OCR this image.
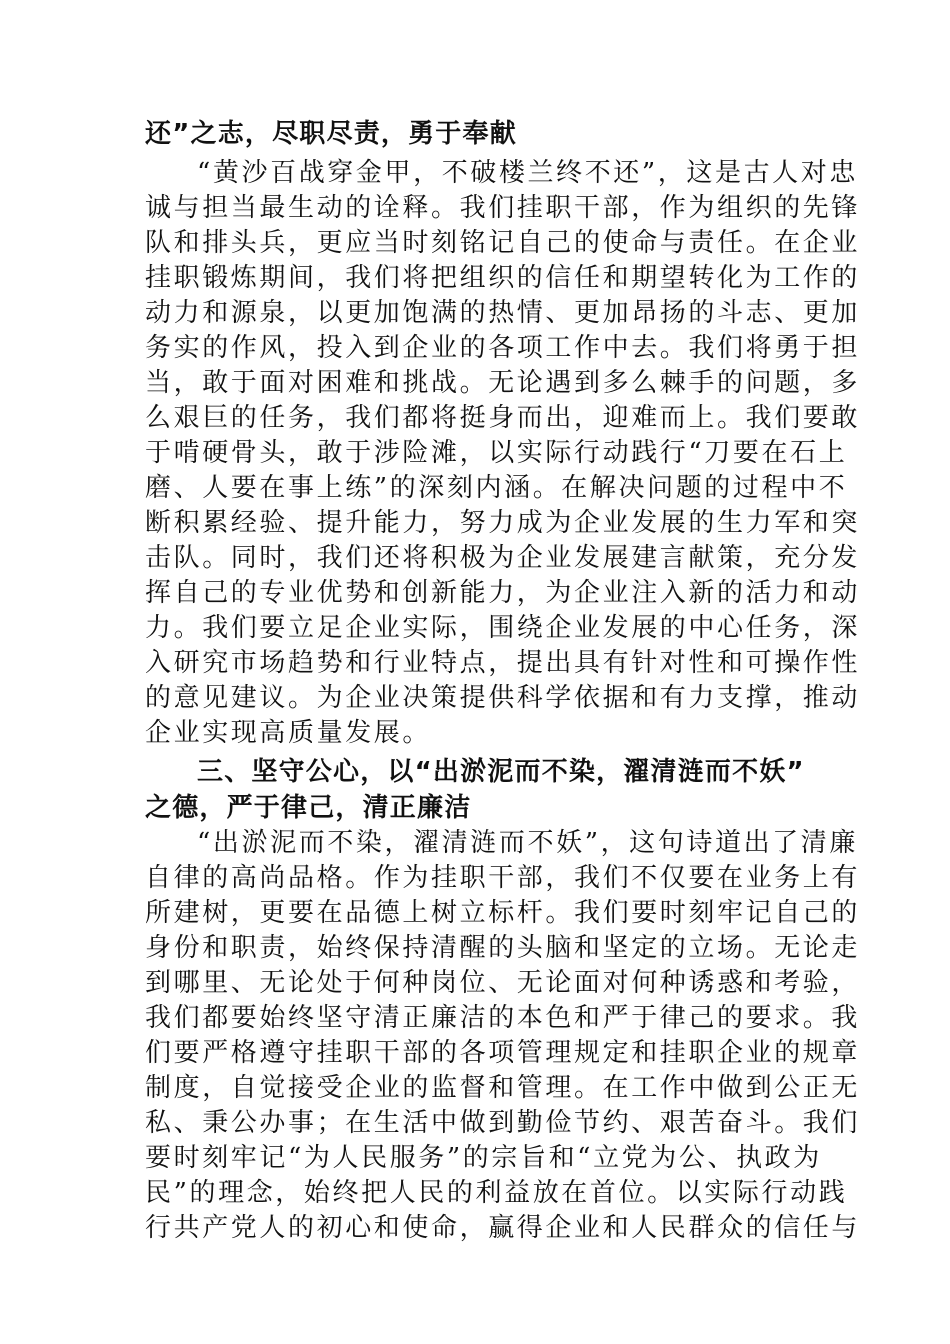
还”之志，尽职尽责，勇于奉献
“黄沙百战穿金甲，不破楼兰终不还”，这是古人对忠
诚与担当最生动的诠释。我们挂职干部，作为组织的先锋
队和排头兵，更应当时刻铭记自己的使命与责任。在企业
挂职锻炼期间，我们将把组织的信任和期望转化为工作的
动力和源泉，以更加饱满的热情、更加昂扬的斗志、更加
务实的作风，投入到企业的各项工作中去。我们将勇于担
当，敢于面对困难和挑战。无论遇到多么棘手的问题，多
么艰巨的任务，我们都将挺身而出，迎难而上。我们要敢
于啃硬骨头，敢于涉险滩，以实际行动践行“刀要在石上
磨、人要在事上练”的深刻内涵。在解决问题的过程中不
断积累经验、提升能力，努力成为企业发展的生力军和突
击队。同时，我们还将积极为企业发展建言献策，充分发
挥自己的专业优势和创新能力，为企业注入新的活力和动
力。我们要立足企业实际，围绕企业发展的中心任务，深
入研究市场趋势和行业特点，提出具有针对性和可操作性
的意见建议。为企业决策提供科学依据和有力支撑，推动
企业实现高质量发展。
三、坚守公心，以“出淤泥而不染，濯清涟而不妖”
之德，严于律己，清正廉洁
“出淤泥而不染，濯清涟而不妖”，这句诗道出了清廉
自律的高尚品格。作为挂职干部，我们不仅要在业务上有
所建树，更要在品德上树立标杆。我们要时刻牢记自己的
身份和职责，始终保持清醒的头脑和坚定的立场。无论走
到哪里、无论处于何种岗位、无论面对何种诱惑和考验，
我们都要始终坚守清正廉洁的本色和严于律己的要求。我
们要严格遵守挂职干部的各项管理规定和挂职企业的规章
制度，自觉接受企业的监督和管理。在工作中做到公正无
私、秉公办事；在生活中做到勤俭节约、艰苦奋斗。我们
要时刻牢记“为人民服务”的宗旨和“立党为公、执政为
民”的理念，始终把人民的利益放在首位。以实际行动践
行共产党人的初心和使命，赢得企业和人民群众的信任与
